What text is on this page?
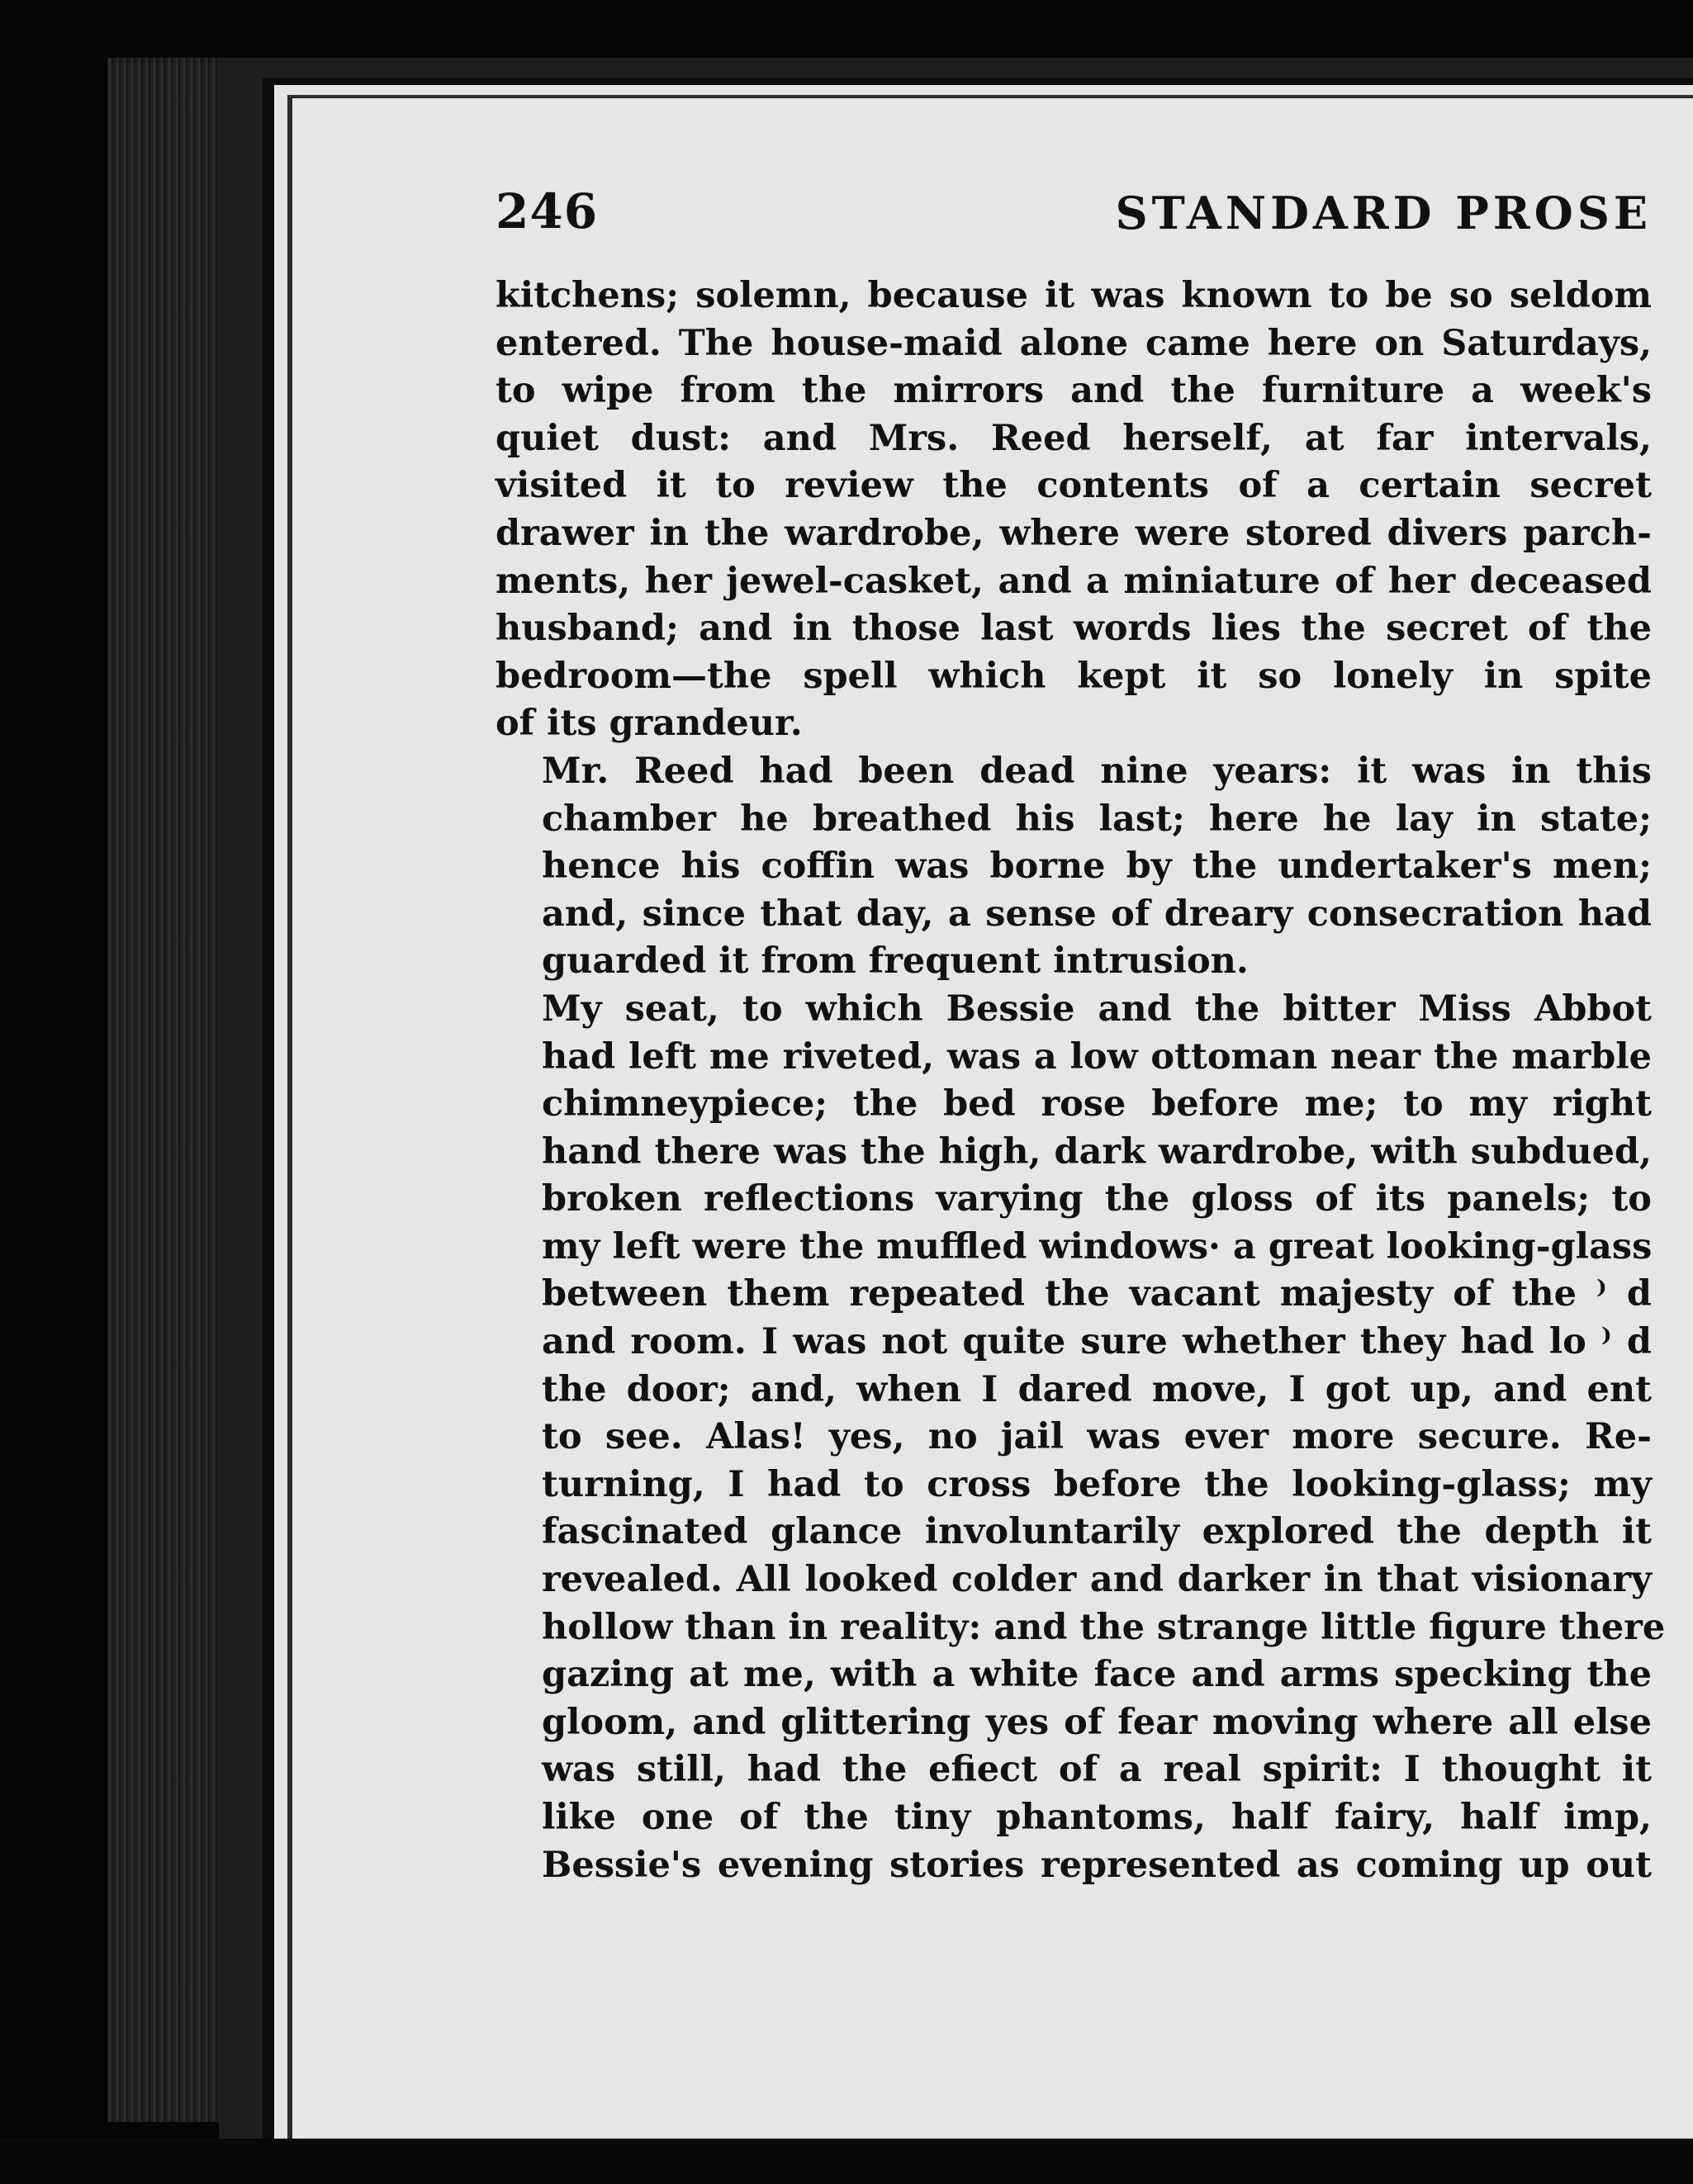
246	STANDARD PROSE

kitchens; solemn, because it was known to be so seldom
entered. The house-maid alone came here on Saturdays,
to wipe from the mirrors and the furniture a week's
quiet dust: and Mrs. Reed herself, at far intervals,
visited it to review the contents of a certain secret
drawer in the wardrobe, where were stored divers parch-
ments, her jewel-casket, and a miniature of her deceased
husband; and in those last words lies the secret of the
bedroom—the spell which kept it so lonely in spite
of its grandeur.

Mr. Reed had been dead nine years: it was in this
chamber he breathed his last; here he lay in state;
hence his coffin was borne by the undertaker's men;
and, since that day, a sense of dreary consecration had
guarded it from frequent intrusion.

My seat, to which Bessie and the bitter Miss Abbot
had left me riveted, was a low ottoman near the marble
chimneypiece; the bed rose before me; to my right
hand there was the high, dark wardrobe, with subdued,
broken reflections varying the gloss of its panels; to
my left were the muffled windows· a great looking-glass
between them repeated the vacant majesty of the ⁾ d
and room. I was not quite sure whether they had lo ⁾ d
the door; and, when I dared move, I got up, and ent
to see. Alas! yes, no jail was ever more secure. Re-
turning, I had to cross before the looking-glass; my
fascinated glance involuntarily explored the depth it
revealed. All looked colder and darker in that visionary
hollow than in reality: and the strange little figure there
gazing at me, with a white face and arms specking the
gloom, and glittering yes of fear moving where all else
was still, had the efiect of a real spirit: I thought it
like one of the tiny phantoms, half fairy, half imp,
Bessie's evening stories represented as coming up out
